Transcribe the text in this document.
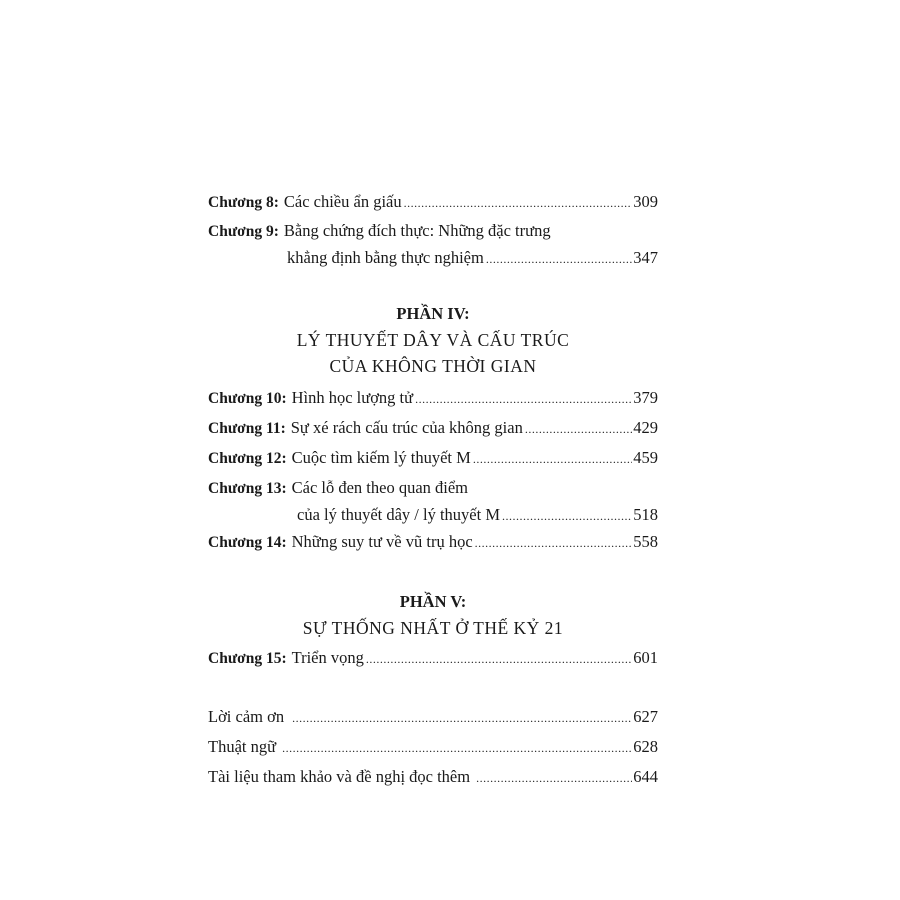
Chương 8: Các chiều ẩn giấu .....	309
Chương 9: Bằng chứng đích thực: Những đặc trưng
khẳng định bằng thực nghiệm .....	347
PHẦN IV:
LÝ THUYẾT DÂY VÀ CẤU TRÚC
CỦA KHÔNG THỜI GIAN
Chương 10: Hình học lượng tử .....	379
Chương 11: Sự xé rách cấu trúc của không gian .....	429
Chương 12: Cuộc tìm kiếm lý thuyết M .....	459
Chương 13: Các lỗ đen theo quan điểm
của lý thuyết dây / lý thuyết M .....	518
Chương 14: Những suy tư về vũ trụ học .....	558
PHẦN V:
SỰ THỐNG NHẤT Ở THẾ KỶ 21
Chương 15: Triển vọng .....	601
Lời cảm ơn .....	627
Thuật ngữ .....	628
Tài liệu tham khảo và đề nghị đọc thêm .....	644
